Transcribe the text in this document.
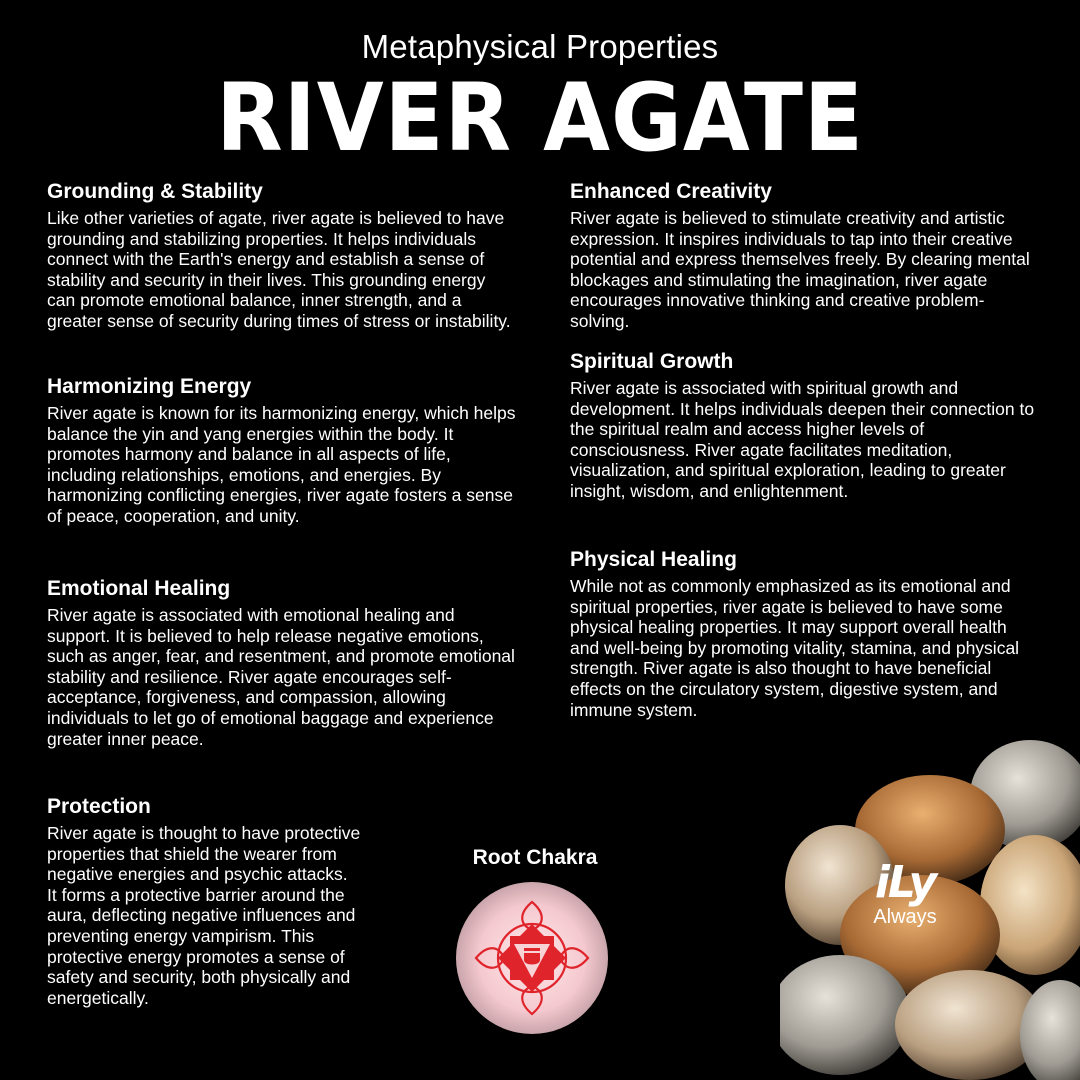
Metaphysical Properties
RIVER AGATE
Grounding & Stability

Like other varieties of agate, river agate is believed to have grounding and stabilizing properties. It helps individuals connect with the Earth's energy and establish a sense of stability and security in their lives. This grounding energy can promote emotional balance, inner strength, and a greater sense of security during times of stress or instability.

Harmonizing Energy

River agate is known for its harmonizing energy, which helps balance the yin and yang energies within the body. It promotes harmony and balance in all aspects of life, including relationships, emotions, and energies. By harmonizing conflicting energies, river agate fosters a sense of peace, cooperation, and unity.

Emotional Healing

River agate is associated with emotional healing and support. It is believed to help release negative emotions, such as anger, fear, and resentment, and promote emotional stability and resilience. River agate encourages self-acceptance, forgiveness, and compassion, allowing individuals to let go of emotional baggage and experience greater inner peace.

Protection

River agate is thought to have protective properties that shield the wearer from negative energies and psychic attacks. It forms a protective barrier around the aura, deflecting negative influences and preventing energy vampirism. This protective energy promotes a sense of safety and security, both physically and energetically.

Enhanced Creativity

River agate is believed to stimulate creativity and artistic expression. It inspires individuals to tap into their creative potential and express themselves freely. By clearing mental blockages and stimulating the imagination, river agate encourages innovative thinking and creative problem-solving.

Spiritual Growth

River agate is associated with spiritual growth and development. It helps individuals deepen their connection to the spiritual realm and access higher levels of consciousness. River agate facilitates meditation, visualization, and spiritual exploration, leading to greater insight, wisdom, and enlightenment.

Physical Healing

While not as commonly emphasized as its emotional and spiritual properties, river agate is believed to have some physical healing properties. It may support overall health and well-being by promoting vitality, stamina, and physical strength. River agate is also thought to have beneficial effects on the circulatory system, digestive system, and immune system.

Root Chakra	iLy
Always
